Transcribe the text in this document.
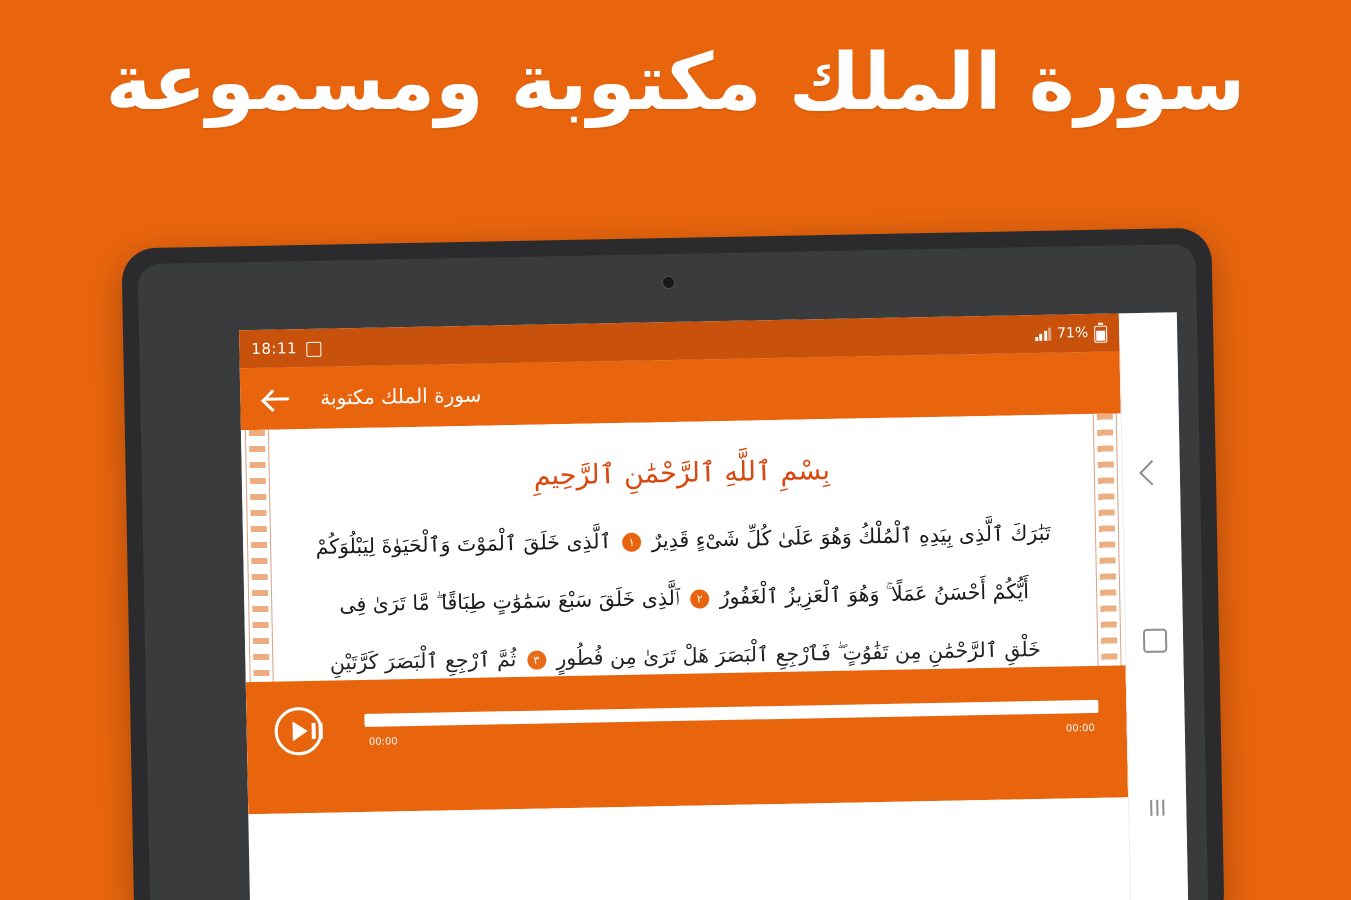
سورة الملك مكتوبة ومسموعة
18:11
71%
سورة الملك مكتوبة
بِسْمِ ٱللَّهِ ٱلرَّحْمَٰنِ ٱلرَّحِيمِ
تَبَٰرَكَ ٱلَّذِى بِيَدِهِ ٱلْمُلْكُ وَهُوَ عَلَىٰ كُلِّ شَىْءٍ قَدِيرٌ ١ ٱلَّذِى خَلَقَ ٱلْمَوْتَ وَٱلْحَيَوٰةَ لِيَبْلُوَكُمْ
أَيُّكُمْ أَحْسَنُ عَمَلًا ۚ وَهُوَ ٱلْعَزِيزُ ٱلْغَفُورُ ٢ ٱلَّذِى خَلَقَ سَبْعَ سَمَٰوَٰتٍ طِبَاقًا ۖ مَّا تَرَىٰ فِى
خَلْقِ ٱلرَّحْمَٰنِ مِن تَفَٰوُتٍ ۖ فَٱرْجِعِ ٱلْبَصَرَ هَلْ تَرَىٰ مِن فُطُورٍ ٣ ثُمَّ ٱرْجِعِ ٱلْبَصَرَ كَرَّتَيْنِ
00:00
00:00
